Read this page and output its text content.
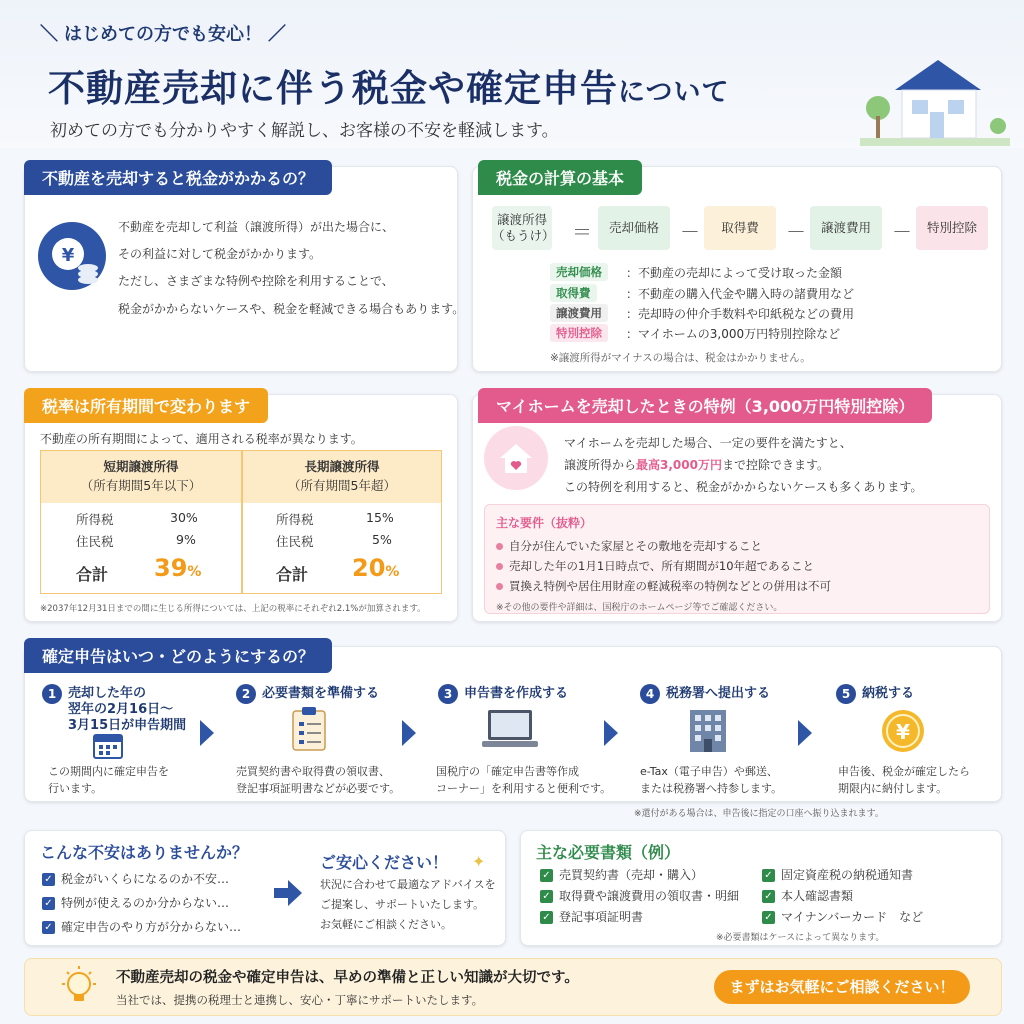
＼ はじめての方でも安心！ ／
不動産売却に伴う税金や確定申告について
初めての方でも分かりやすく解説し、お客様の不安を軽減します。
不動産を売却すると税金がかかるの？
¥
不動産を売却して利益（譲渡所得）が出た場合に、
その利益に対して税金がかかります。
ただし、さまざまな特例や控除を利用することで、
税金がかからないケースや、税金を軽減できる場合もあります。
税金の計算の基本
譲渡所得
（もうけ） ＝	売却価格	－	取得費	－	譲渡費用	－	特別控除
売却価格	：不動産の売却によって受け取った金額
取得費	：不動産の購入代金や購入時の諸費用など
譲渡費用	：売却時の仲介手数料や印紙税などの費用
特別控除	：マイホームの3,000万円特別控除など
※譲渡所得がマイナスの場合は、税金はかかりません。
税率は所有期間で変わります
不動産の所有期間によって、適用される税率が異なります。
短期譲渡所得
（所有期間5年以下）
所得税	30%
住民税	9%
合計 39%
長期譲渡所得
（所有期間5年超）
所得税	15%
住民税	5%
合計 20%
※2037年12月31日までの間に生じる所得については、上記の税率にそれぞれ2.1%が加算されます。
マイホームを売却したときの特例（3,000万円特別控除）
マイホームを売却した場合、一定の要件を満たすと、
譲渡所得から最高3,000万円まで控除できます。
この特例を利用すると、税金がかからないケースも多くあります。
主な要件（抜粋）
自分が住んでいた家屋とその敷地を売却すること
売却した年の1月1日時点で、所有期間が10年超であること
買換え特例や居住用財産の軽減税率の特例などとの併用は不可
※その他の要件や詳細は、国税庁のホームページ等でご確認ください。
確定申告はいつ・どのようにするの？
1 売却した年の
翌年の2月16日～
3月15日が申告期間
この期間内に確定申告を
行います。
2 必要書類を準備する
売買契約書や取得費の領収書、
登記事項証明書などが必要です。
3 申告書を作成する
国税庁の「確定申告書等作成
コーナー」を利用すると便利です。
4 税務署へ提出する
e-Tax（電子申告）や郵送、
または税務署へ持参します。
5 納税する
¥
申告後、税金が確定したら
期限内に納付します。
※還付がある場合は、申告後に指定の口座へ振り込まれます。
こんな不安はありませんか？
✓ 税金がいくらになるのか不安…
✓ 特例が使えるのか分からない…
✓ 確定申告のやり方が分からない…
ご安心ください！ ✦
状況に合わせて最適なアドバイスを
ご提案し、サポートいたします。
お気軽にご相談ください。
主な必要書類（例）
✓ 売買契約書（売却・購入）
✓ 取得費や譲渡費用の領収書・明細
✓ 登記事項証明書
✓ 固定資産税の納税通知書
✓ 本人確認書類
✓ マイナンバーカード　など
※必要書類はケースによって異なります。
不動産売却の税金や確定申告は、早めの準備と正しい知識が大切です。
当社では、提携の税理士と連携し、安心・丁寧にサポートいたします。
まずはお気軽にご相談ください！
